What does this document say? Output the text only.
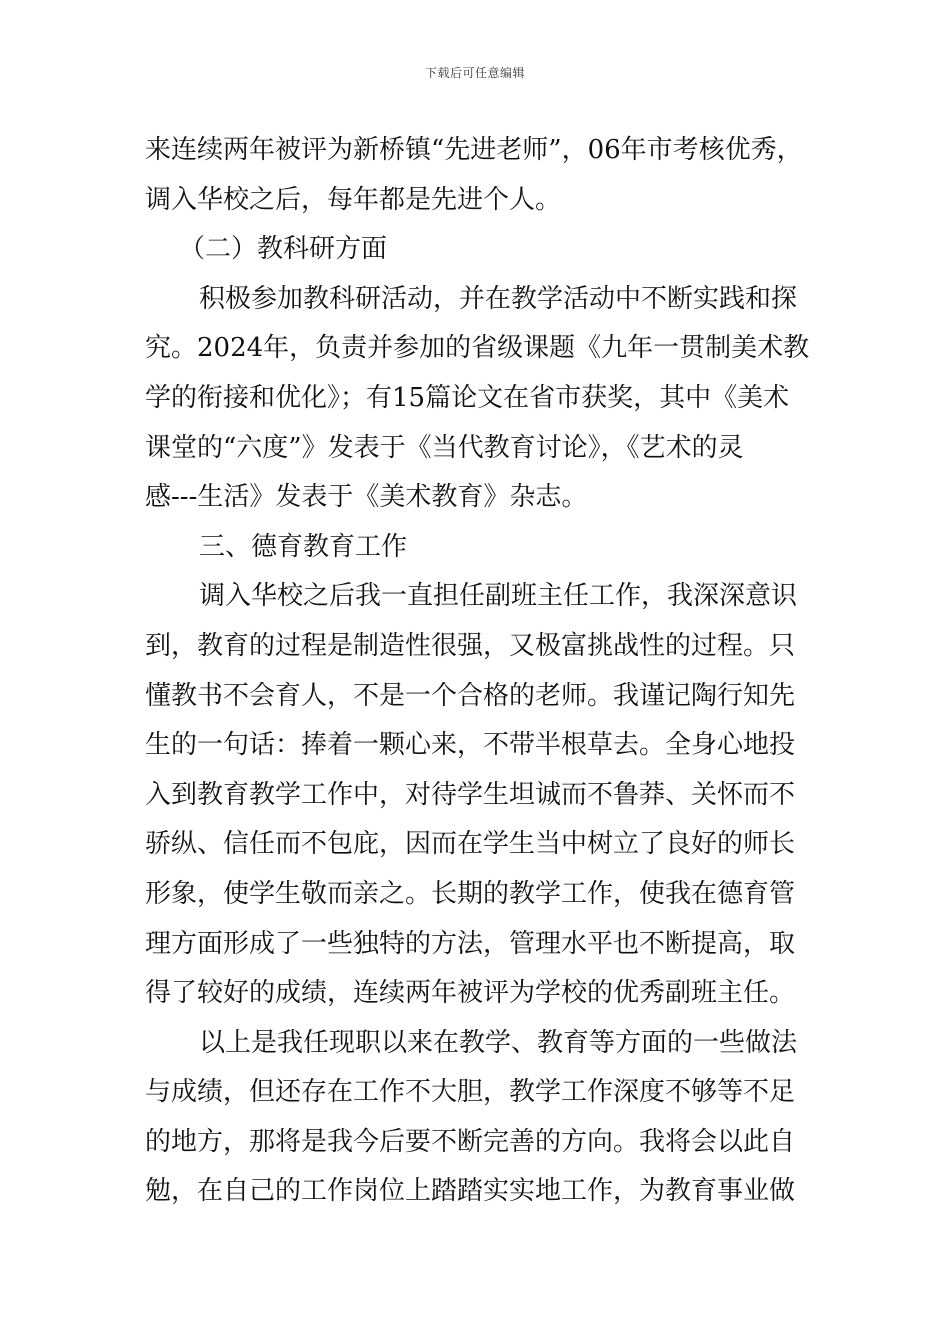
下载后可任意编辑
来连续两年被评为新桥镇“先进老师”，06年市考核优秀，
调入华校之后，每年都是先进个人。
（二）教科研方面
积极参加教科研活动，并在教学活动中不断实践和探
究。2024年，负责并参加的省级课题《九年一贯制美术教
学的衔接和优化》；有15篇论文在省市获奖，其中《美术
课堂的“六度”》发表于《当代教育讨论》，《艺术的灵
感---生活》发表于《美术教育》杂志。
三、德育教育工作
调入华校之后我一直担任副班主任工作，我深深意识
到，教育的过程是制造性很强，又极富挑战性的过程。只
懂教书不会育人，不是一个合格的老师。我谨记陶行知先
生的一句话：捧着一颗心来，不带半根草去。全身心地投
入到教育教学工作中，对待学生坦诚而不鲁莽、关怀而不
骄纵、信任而不包庇，因而在学生当中树立了良好的师长
形象，使学生敬而亲之。长期的教学工作，使我在德育管
理方面形成了一些独特的方法，管理水平也不断提高，取
得了较好的成绩，连续两年被评为学校的优秀副班主任。
以上是我任现职以来在教学、教育等方面的一些做法
与成绩，但还存在工作不大胆，教学工作深度不够等不足
的地方，那将是我今后要不断完善的方向。我将会以此自
勉，在自己的工作岗位上踏踏实实地工作，为教育事业做
